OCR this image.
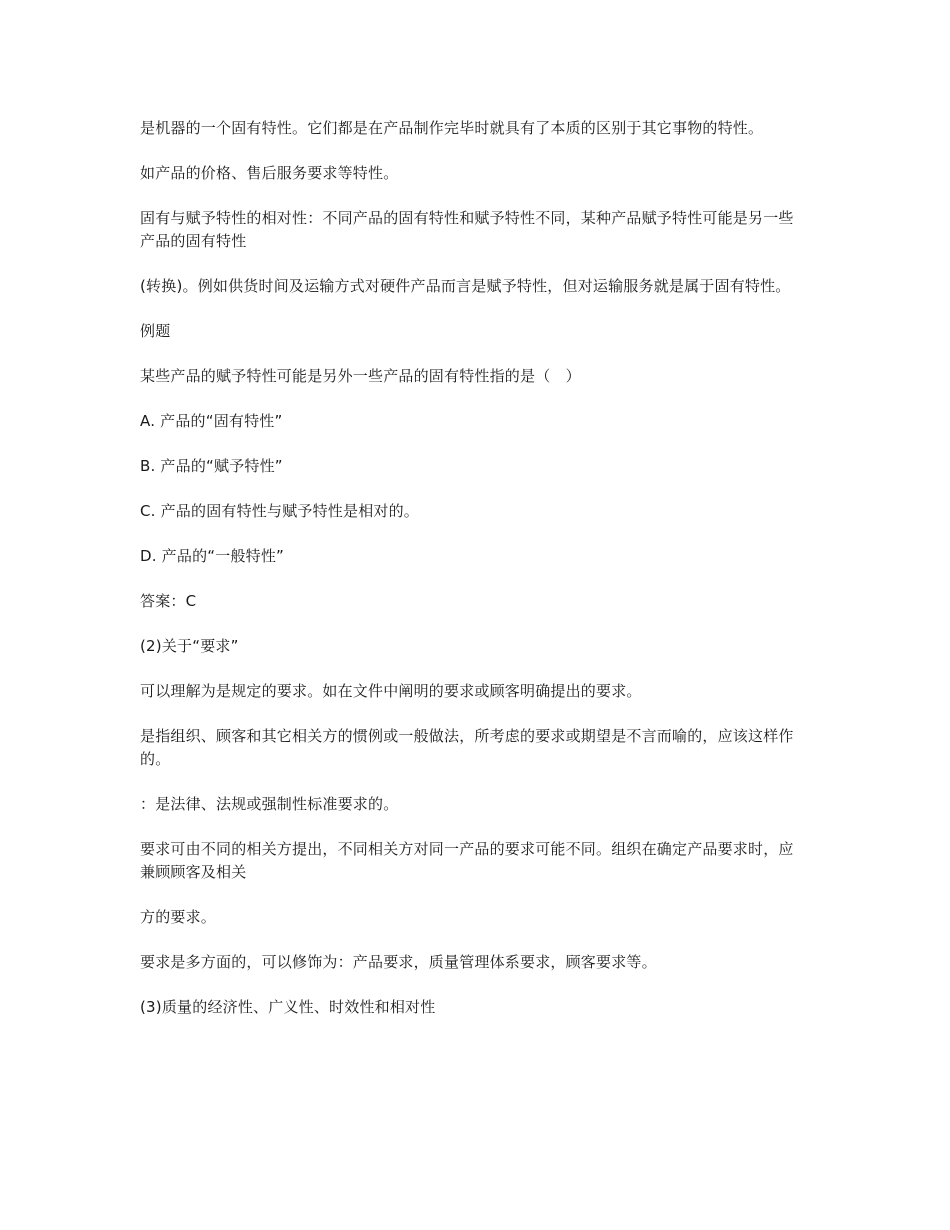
是机器的一个固有特性。它们都是在产品制作完毕时就具有了本质的区别于其它事物的特性。

如产品的价格、售后服务要求等特性。

固有与赋予特性的相对性：不同产品的固有特性和赋予特性不同，某种产品赋予特性可能是另一些产品的固有特性

(转换)。例如供货时间及运输方式对硬件产品而言是赋予特性，但对运输服务就是属于固有特性。

例题

某些产品的赋予特性可能是另外一些产品的固有特性指的是（　）

A. 产品的“固有特性”

B. 产品的“赋予特性”

C. 产品的固有特性与赋予特性是相对的。

D. 产品的“一般特性”

答案：C

(2)关于“要求”

可以理解为是规定的要求。如在文件中阐明的要求或顾客明确提出的要求。

是指组织、顾客和其它相关方的惯例或一般做法，所考虑的要求或期望是不言而喻的，应该这样作的。

：是法律、法规或强制性标准要求的。

要求可由不同的相关方提出，不同相关方对同一产品的要求可能不同。组织在确定产品要求时，应兼顾顾客及相关

方的要求。

要求是多方面的，可以修饰为：产品要求，质量管理体系要求，顾客要求等。

(3)质量的经济性、广义性、时效性和相对性
